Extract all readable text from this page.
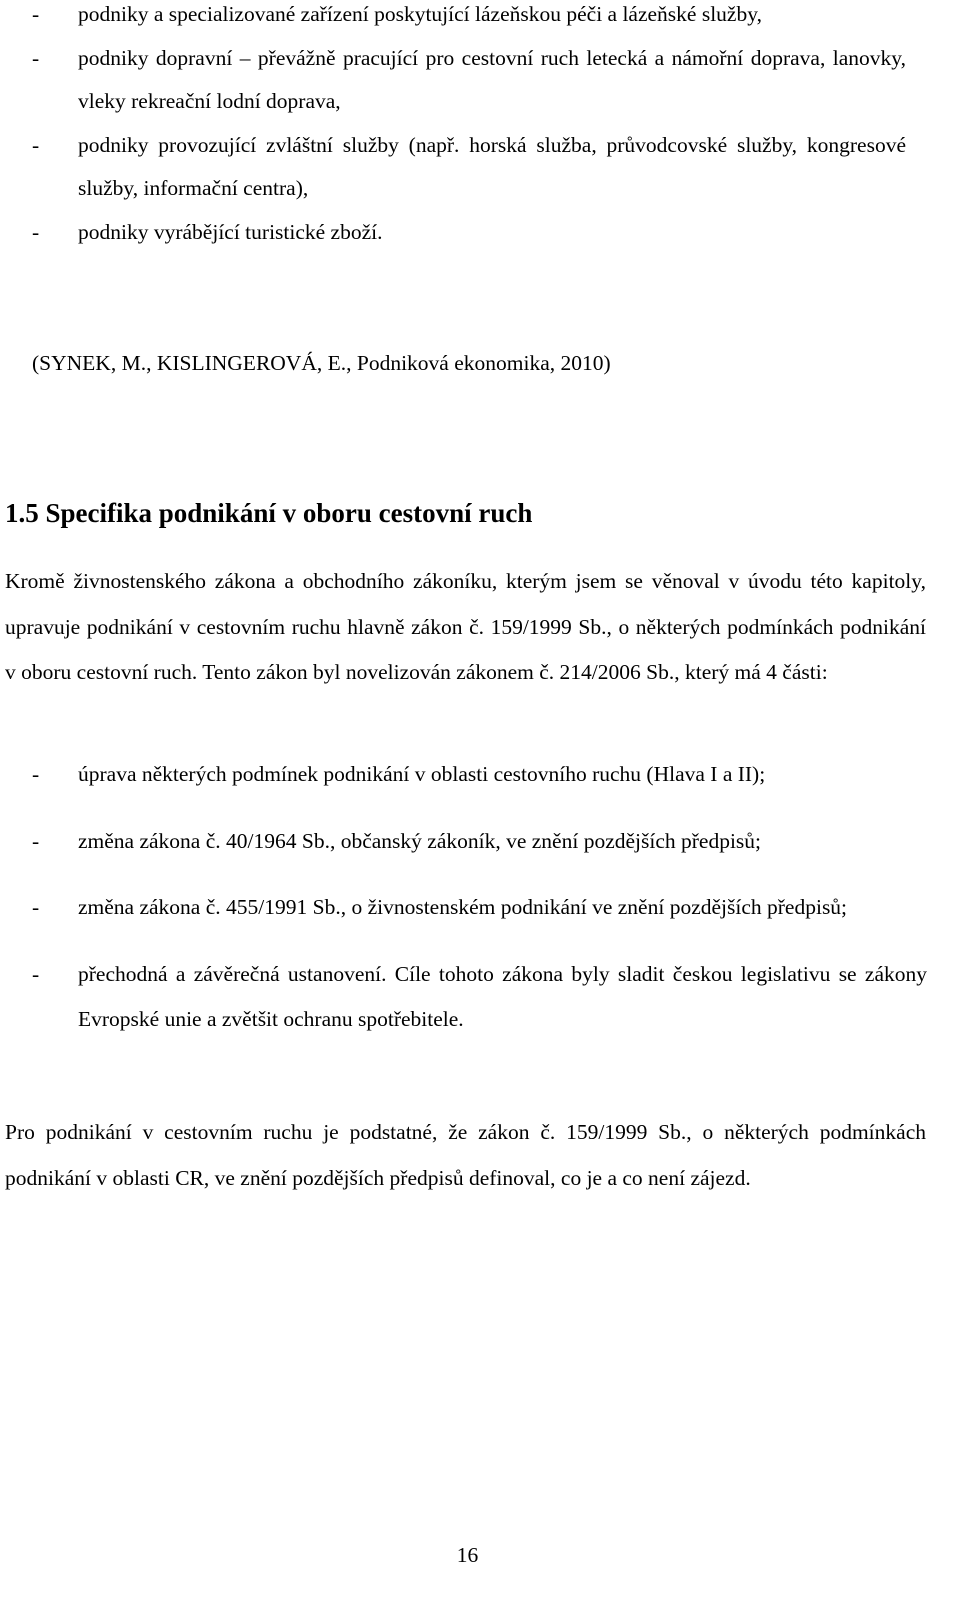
- podniky a specializované zařízení poskytující lázeňskou péči a lázeňské služby,
- podniky dopravní – převážně pracující pro cestovní ruch letecká a námořní doprava, lanovky, vleky rekreační lodní doprava,
- podniky provozující zvláštní služby (např. horská služba, průvodcovské služby, kongresové služby, informační centra),
- podniky vyrábějící turistické zboží.
(SYNEK, M., KISLINGEROVÁ, E., Podniková ekonomika, 2010)
1.5 Specifika podnikání v oboru cestovní ruch

Kromě živnostenského zákona a obchodního zákoníku, kterým jsem se věnoval v úvodu této kapitoly, upravuje podnikání v cestovním ruchu hlavně zákon č. 159/1999 Sb., o některých podmínkách podnikání v oboru cestovní ruch. Tento zákon byl novelizován zákonem č. 214/2006 Sb., který má 4 části:

- úprava některých podmínek podnikání v oblasti cestovního ruchu (Hlava I a II);
- změna zákona č. 40/1964 Sb., občanský zákoník, ve znění pozdějších předpisů;
- změna zákona č. 455/1991 Sb., o živnostenském podnikání ve znění pozdějších předpisů;
- přechodná a závěrečná ustanovení. Cíle tohoto zákona byly sladit českou legislativu se zákony Evropské unie a zvětšit ochranu spotřebitele.

Pro podnikání v cestovním ruchu je podstatné, že zákon č. 159/1999 Sb., o některých podmínkách podnikání v oblasti CR, ve znění pozdějších předpisů definoval, co je a co není zájezd.

16
